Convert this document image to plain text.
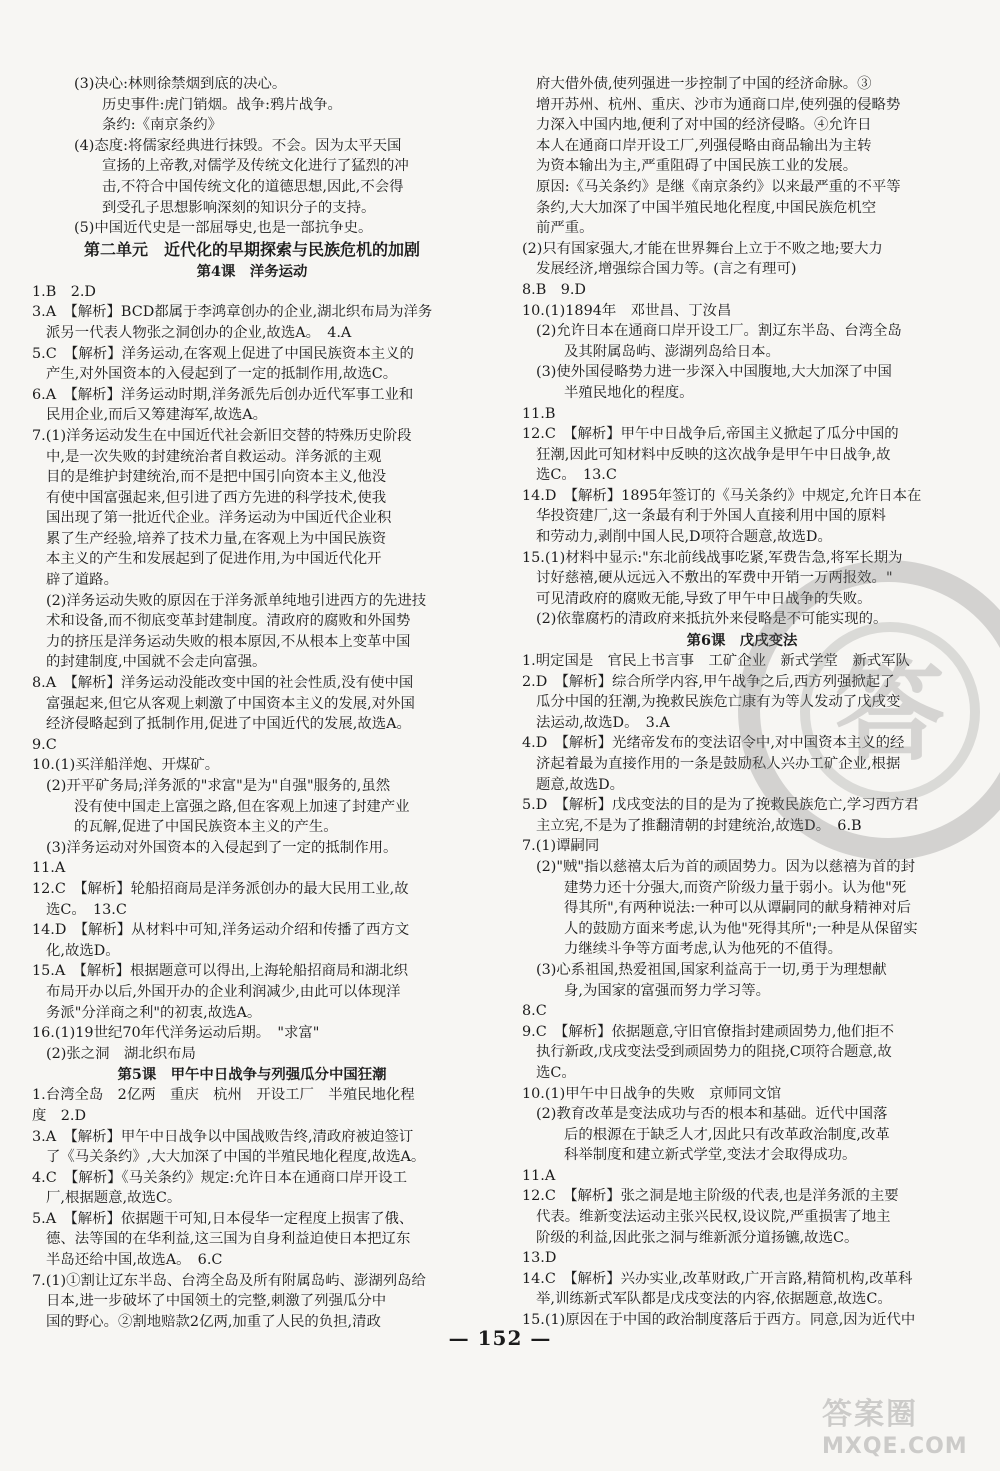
(3)决心:林则徐禁烟到底的决心。
历史事件:虎门销烟。战争:鸦片战争。
条约:《南京条约》
(4)态度:将儒家经典进行抹毁。不会。因为太平天国
宣扬的上帝教,对儒学及传统文化进行了猛烈的冲
击,不符合中国传统文化的道德思想,因此,不会得
到受孔子思想影响深刻的知识分子的支持。
(5)中国近代史是一部屈辱史,也是一部抗争史。
第二单元　近代化的早期探索与民族危机的加剧
第4课　洋务运动
1.B　2.D
3.A　【解析】BCD都属于李鸿章创办的企业,湖北织布局为洋务
派另一代表人物张之洞创办的企业,故选A。　4.A
5.C　【解析】洋务运动,在客观上促进了中国民族资本主义的
产生,对外国资本的入侵起到了一定的抵制作用,故选C。
6.A　【解析】洋务运动时期,洋务派先后创办近代军事工业和
民用企业,而后又筹建海军,故选A。
7.(1)洋务运动发生在中国近代社会新旧交替的特殊历史阶段
中,是一次失败的封建统治者自救运动。洋务派的主观
目的是维护封建统治,而不是把中国引向资本主义,他没
有使中国富强起来,但引进了西方先进的科学技术,使我
国出现了第一批近代企业。洋务运动为中国近代企业积
累了生产经验,培养了技术力量,在客观上为中国民族资
本主义的产生和发展起到了促进作用,为中国近代化开
辟了道路。
(2)洋务运动失败的原因在于洋务派单纯地引进西方的先进技
术和设备,而不彻底变革封建制度。清政府的腐败和外国势
力的挤压是洋务运动失败的根本原因,不从根本上变革中国
的封建制度,中国就不会走向富强。
8.A　【解析】洋务运动没能改变中国的社会性质,没有使中国
富强起来,但它从客观上刺激了中国资本主义的发展,对外国
经济侵略起到了抵制作用,促进了中国近代的发展,故选A。
9.C
10.(1)买洋船洋炮、开煤矿。
(2)开平矿务局;洋务派的"求富"是为"自强"服务的,虽然
没有使中国走上富强之路,但在客观上加速了封建产业
的瓦解,促进了中国民族资本主义的产生。
(3)洋务运动对外国资本的入侵起到了一定的抵制作用。
11.A
12.C　【解析】轮船招商局是洋务派创办的最大民用工业,故
选C。　13.C
14.D　【解析】从材料中可知,洋务运动介绍和传播了西方文
化,故选D。
15.A　【解析】根据题意可以得出,上海轮船招商局和湖北织
布局开办以后,外国开办的企业利润减少,由此可以体现洋
务派"分洋商之利"的初衷,故选A。
16.(1)19世纪70年代洋务运动后期。　"求富"
(2)张之洞　湖北织布局
第5课　甲午中日战争与列强瓜分中国狂潮
1.台湾全岛　2亿两　重庆　杭州　开设工厂　半殖民地化程
度　2.D
3.A　【解析】甲午中日战争以中国战败告终,清政府被迫签订
了《马关条约》,大大加深了中国的半殖民地化程度,故选A。
4.C　【解析】《马关条约》规定:允许日本在通商口岸开设工
厂,根据题意,故选C。
5.A　【解析】依据题干可知,日本侵华一定程度上损害了俄、
德、法等国的在华利益,这三国为自身利益迫使日本把辽东
半岛还给中国,故选A。　6.C
7.(1)①割让辽东半岛、台湾全岛及所有附属岛屿、澎湖列岛给
日本,进一步破坏了中国领土的完整,刺激了列强瓜分中
国的野心。②割地赔款2亿两,加重了人民的负担,清政
府大借外债,使列强进一步控制了中国的经济命脉。③
增开苏州、杭州、重庆、沙市为通商口岸,使列强的侵略势
力深入中国内地,便利了对中国的经济侵略。④允许日
本人在通商口岸开设工厂,列强侵略由商品输出为主转
为资本输出为主,严重阻碍了中国民族工业的发展。
原因:《马关条约》是继《南京条约》以来最严重的不平等
条约,大大加深了中国半殖民地化程度,中国民族危机空
前严重。
(2)只有国家强大,才能在世界舞台上立于不败之地;要大力
发展经济,增强综合国力等。(言之有理可)
8.B　9.D
10.(1)1894年　邓世昌、丁汝昌
(2)允许日本在通商口岸开设工厂。割辽东半岛、台湾全岛
及其附属岛屿、澎湖列岛给日本。
(3)使外国侵略势力进一步深入中国腹地,大大加深了中国
半殖民地化的程度。
11.B
12.C　【解析】甲午中日战争后,帝国主义掀起了瓜分中国的
狂潮,因此可知材料中反映的这次战争是甲午中日战争,故
选C。　13.C
14.D　【解析】1895年签订的《马关条约》中规定,允许日本在
华投资建厂,这一条最有利于外国人直接利用中国的原料
和劳动力,剥削中国人民,D项符合题意,故选D。
15.(1)材料中显示:"东北前线战事吃紧,军费告急,将军长期为
讨好慈禧,硬从远远入不敷出的军费中开销一万两报效。"
可见清政府的腐败无能,导致了甲午中日战争的失败。
(2)依靠腐朽的清政府来抵抗外来侵略是不可能实现的。
第6课　戊戌变法
1.明定国是　官民上书言事　工矿企业　新式学堂　新式军队
2.D　【解析】综合所学内容,甲午战争之后,西方列强掀起了
瓜分中国的狂潮,为挽救民族危亡康有为等人发动了戊戌变
法运动,故选D。　3.A
4.D　【解析】光绪帝发布的变法诏令中,对中国资本主义的经
济起着最为直接作用的一条是鼓励私人兴办工矿企业,根据
题意,故选D。
5.D　【解析】戊戌变法的目的是为了挽救民族危亡,学习西方君
主立宪,不是为了推翻清朝的封建统治,故选D。　6.B
7.(1)谭嗣同
(2)"贼"指以慈禧太后为首的顽固势力。因为以慈禧为首的封
建势力还十分强大,而资产阶级力量于弱小。认为他"死
得其所",有两种说法:一种可以从谭嗣同的献身精神对后
人的鼓励方面来考虑,认为他"死得其所";一种是从保留实
力继续斗争等方面考虑,认为他死的不值得。
(3)心系祖国,热爱祖国,国家利益高于一切,勇于为理想献
身,为国家的富强而努力学习等。
8.C
9.C　【解析】依据题意,守旧官僚指封建顽固势力,他们拒不
执行新政,戊戌变法受到顽固势力的阻挠,C项符合题意,故
选C。
10.(1)甲午中日战争的失败　京师同文馆
(2)教育改革是变法成功与否的根本和基础。近代中国落
后的根源在于缺乏人才,因此只有改革政治制度,改革
科举制度和建立新式学堂,变法才会取得成功。
11.A
12.C　【解析】张之洞是地主阶级的代表,也是洋务派的主要
代表。维新变法运动主张兴民权,设议院,严重损害了地主
阶级的利益,因此张之洞与维新派分道扬镳,故选C。
13.D
14.C　【解析】兴办实业,改革财政,广开言路,精简机构,改革科
举,训练新式军队都是戊戌变法的内容,依据题意,故选C。
15.(1)原因在于中国的政治制度落后于西方。同意,因为近代中
答
— 152 —
答案圈
MXQE.COM
